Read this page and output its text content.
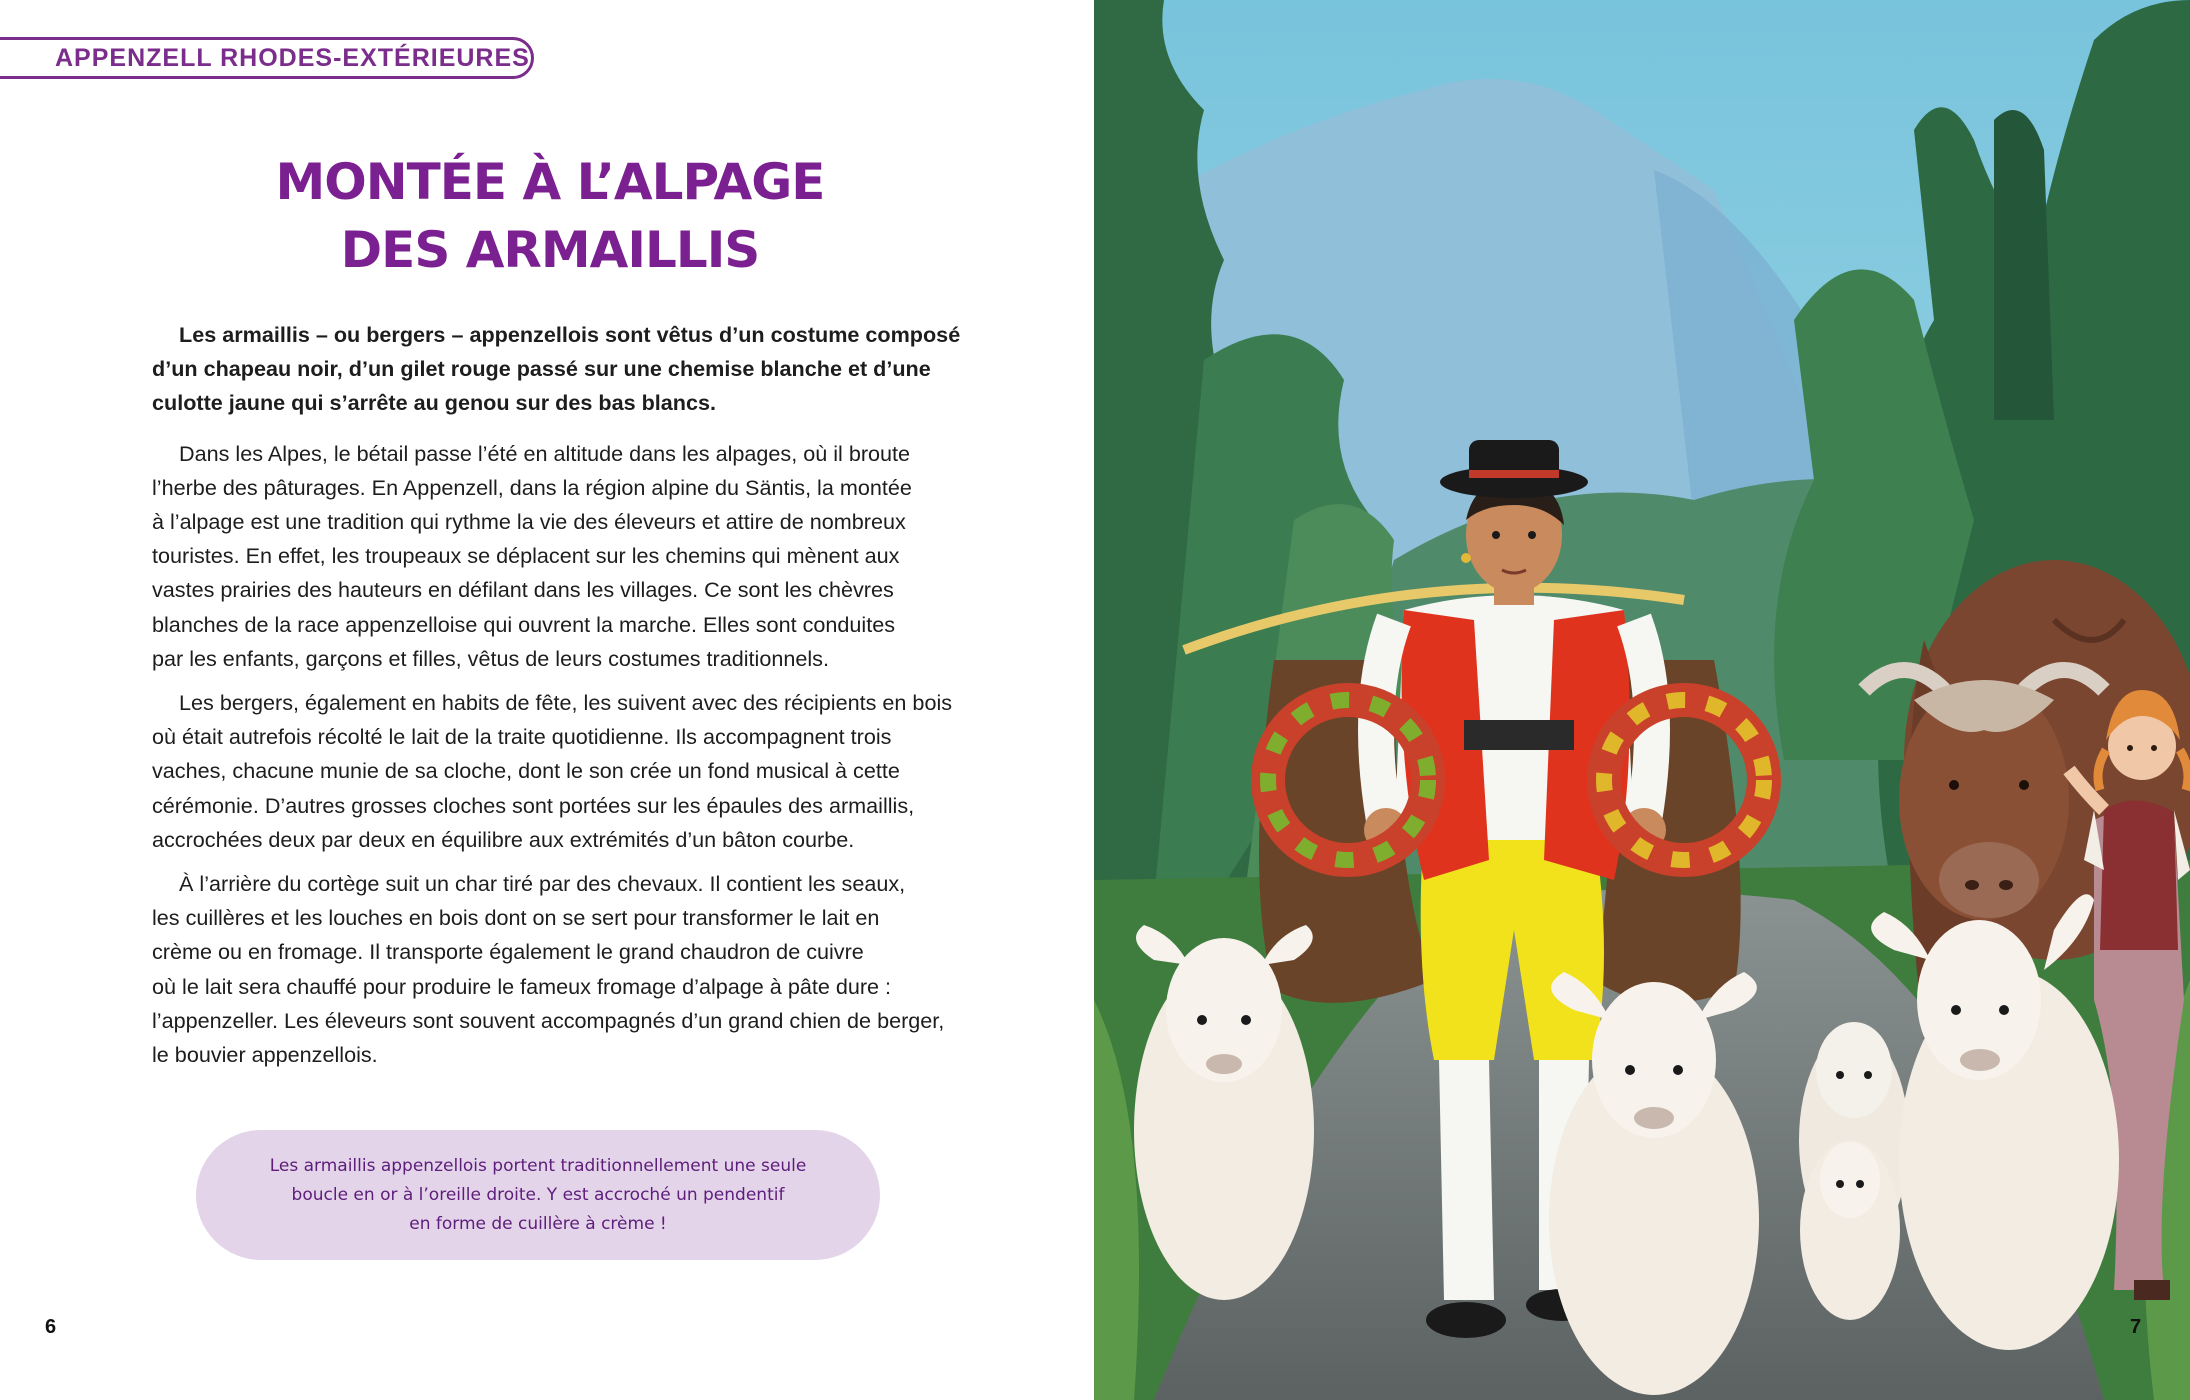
APPENZELL RHODES-EXTÉRIEURES
MONTÉE À L’ALPAGE
DES ARMAILLIS

Les armaillis – ou bergers – appenzellois sont vêtus d’un costume composé
d’un chapeau noir, d’un gilet rouge passé sur une chemise blanche et d’une
culotte jaune qui s’arrête au genou sur des bas blancs.

Dans les Alpes, le bétail passe l’été en altitude dans les alpages, où il broute
l’herbe des pâturages. En Appenzell, dans la région alpine du Säntis, la montée
à l’alpage est une tradition qui rythme la vie des éleveurs et attire de nombreux
touristes. En effet, les troupeaux se déplacent sur les chemins qui mènent aux
vastes prairies des hauteurs en défilant dans les villages. Ce sont les chèvres
blanches de la race appenzelloise qui ouvrent la marche. Elles sont conduites
par les enfants, garçons et filles, vêtus de leurs costumes traditionnels.

Les bergers, également en habits de fête, les suivent avec des récipients en bois
où était autrefois récolté le lait de la traite quotidienne. Ils accompagnent trois
vaches, chacune munie de sa cloche, dont le son crée un fond musical à cette
cérémonie. D’autres grosses cloches sont portées sur les épaules des armaillis,
accrochées deux par deux en équilibre aux extrémités d’un bâton courbe.

À l’arrière du cortège suit un char tiré par des chevaux. Il contient les seaux,
les cuillères et les louches en bois dont on se sert pour transformer le lait en
crème ou en fromage. Il transporte également le grand chaudron de cuivre
où le lait sera chauffé pour produire le fameux fromage d’alpage à pâte dure :
l’appenzeller. Les éleveurs sont souvent accompagnés d’un grand chien de berger,
le bouvier appenzellois.

Les armaillis appenzellois portent traditionnellement une seule
boucle en or à l’oreille droite. Y est accroché un pendentif
en forme de cuillère à crème !
6	7
